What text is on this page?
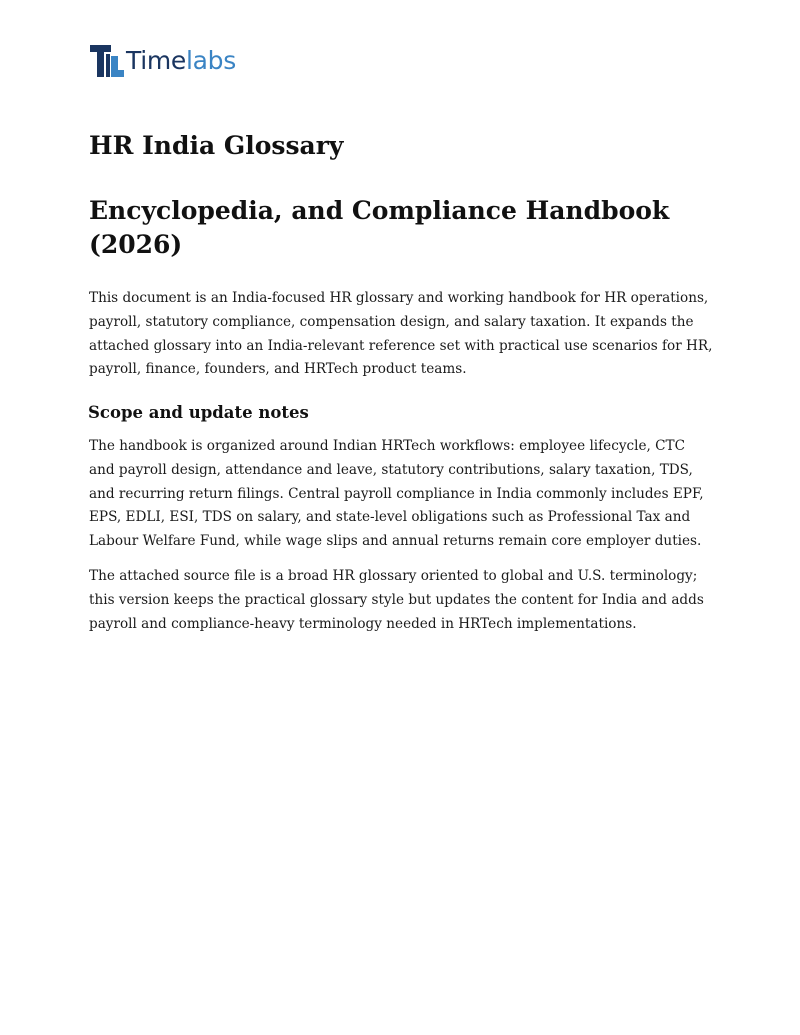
Timelabs
HR India Glossary
Encyclopedia, and Compliance Handbook (2026)

This document is an India-focused HR glossary and working handbook for HR operations, payroll, statutory compliance, compensation design, and salary taxation. It expands the attached glossary into an India-relevant reference set with practical use scenarios for HR, payroll, finance, founders, and HRTech product teams.

Scope and update notes

The handbook is organized around Indian HRTech workflows: employee lifecycle, CTC and payroll design, attendance and leave, statutory contributions, salary taxation, TDS, and recurring return filings. Central payroll compliance in India commonly includes EPF, EPS, EDLI, ESI, TDS on salary, and state-level obligations such as Professional Tax and Labour Welfare Fund, while wage slips and annual returns remain core employer duties.

The attached source file is a broad HR glossary oriented to global and U.S. terminology; this version keeps the practical glossary style but updates the content for India and adds payroll and compliance-heavy terminology needed in HRTech implementations.
